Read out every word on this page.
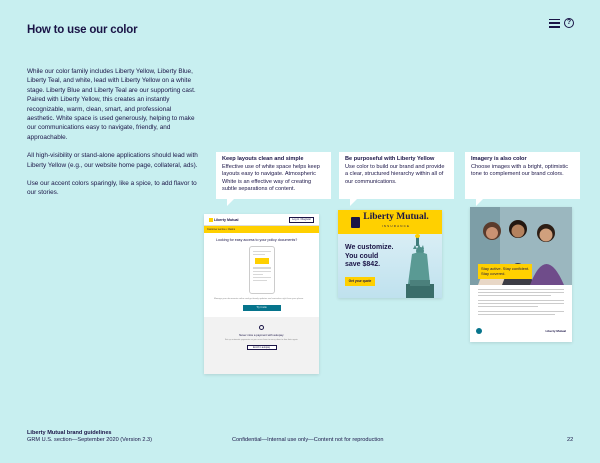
How to use our color
?

While our color family includes Liberty Yellow, Liberty Blue, Liberty Teal, and white, lead with Liberty Yellow on a white stage. Liberty Blue and Liberty Teal are our supporting cast. Paired with Liberty Yellow, this creates an instantly recognizable, warm, clean, smart, and professional aesthetic. White space is used generously, helping to make our communications easy to navigate, friendly, and approachable.

All high-visibility or stand-alone applications should lead with Liberty Yellow (e.g., our website home page, collateral, ads).

Use our accent colors sparingly, like a spice, to add flavor to our stories.

Keep layouts clean and simple
Effective use of white space helps keep layouts easy to navigate. Atmospheric White is an effective way of creating subtle separations of content.
Be purposeful with Liberty Yellow
Use color to build our brand and provide a clear, structured hierarchy within all of our communications.
Imagery is also color
Choose images with a bright, optimistic tone to complement our brand colors.
Liberty Mutual	Log in / Register
Customer service • Claims
Looking for easy access to your policy documents?
Manage your documents online and get timely updates and reminders right from your phone.
Try it now
Never miss a payment with autopay.
Set up automatic payments so you never have to worry about a due date again.
Enroll in autopay
Liberty Mutual.
INSURANCE
We customize.
You could
save $842.
Get your quote
Stay active. Stay confident.
Stay covered.
Liberty Mutual
Liberty Mutual brand guidelines
GRM U.S. section—September 2020 (Version 2.3)	Confidential—Internal use only—Content not for reproduction	22
